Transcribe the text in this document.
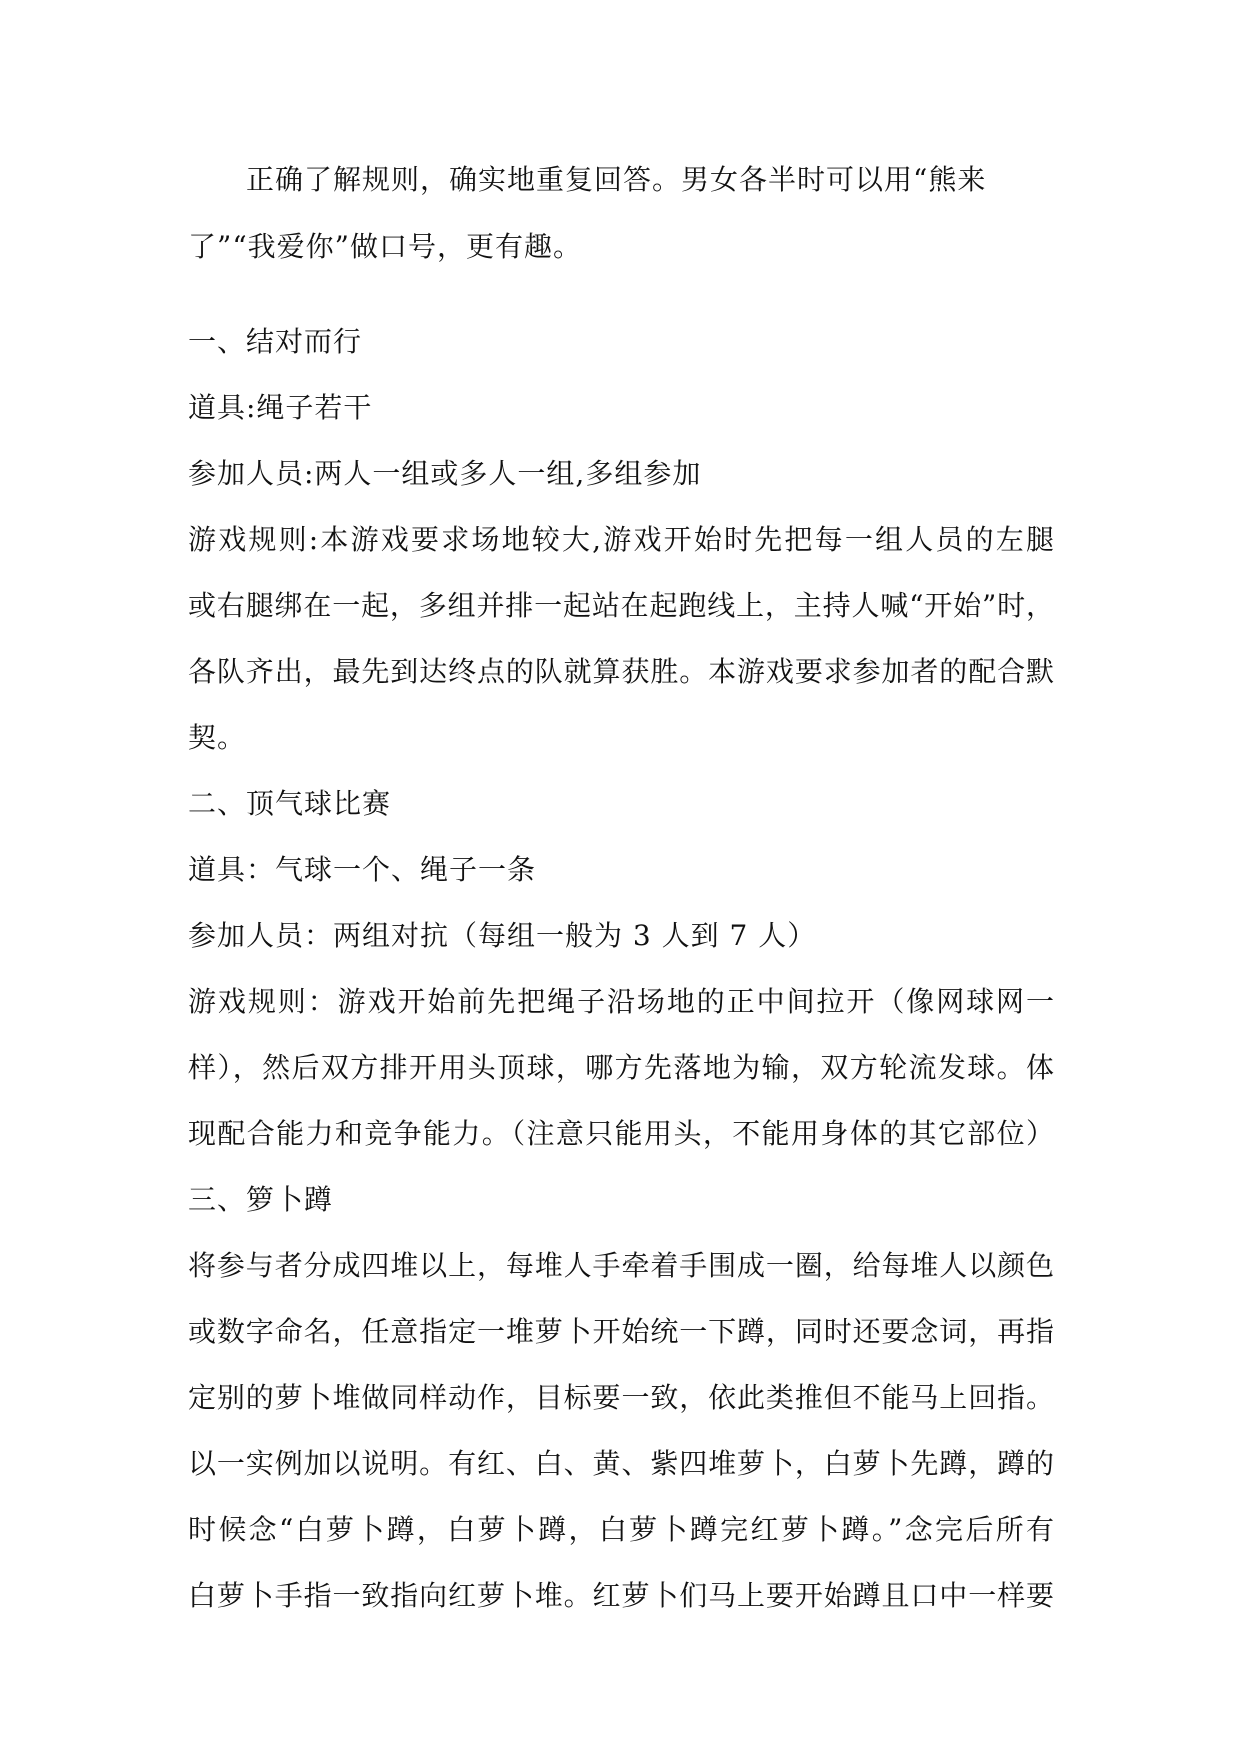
正确了解规则，确实地重复回答。男女各半时可以用“熊来
了”“我爱你”做口号，更有趣。
一、结对而行
道具:绳子若干
参加人员:两人一组或多人一组,多组参加
游戏规则:本游戏要求场地较大,游戏开始时先把每一组人员的左腿
或右腿绑在一起，多组并排一起站在起跑线上，主持人喊“开始”时，
各队齐出，最先到达终点的队就算获胜。本游戏要求参加者的配合默
契。
二、顶气球比赛
道具：气球一个、绳子一条
参加人员：两组对抗（每组一般为 3 人到 7 人）
游戏规则：游戏开始前先把绳子沿场地的正中间拉开（像网球网一
样），然后双方排开用头顶球，哪方先落地为输，双方轮流发球。体
现配合能力和竞争能力。（注意只能用头，不能用身体的其它部位）
三、箩卜蹲
将参与者分成四堆以上，每堆人手牵着手围成一圈，给每堆人以颜色
或数字命名，任意指定一堆萝卜开始统一下蹲，同时还要念词，再指
定别的萝卜堆做同样动作，目标要一致，依此类推但不能马上回指。
以一实例加以说明。有红、白、黄、紫四堆萝卜，白萝卜先蹲，蹲的
时候念“白萝卜蹲，白萝卜蹲，白萝卜蹲完红萝卜蹲。”念完后所有
白萝卜手指一致指向红萝卜堆。红萝卜们马上要开始蹲且口中一样要
